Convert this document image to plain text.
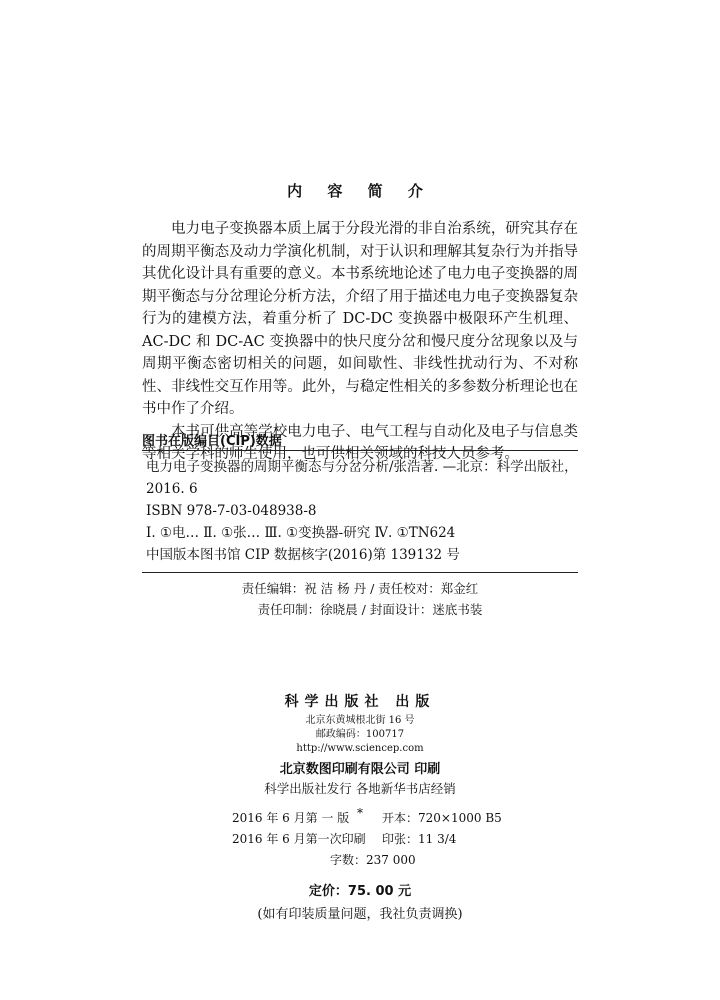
内 容 简 介

电力电子变换器本质上属于分段光滑的非自治系统，研究其存在的周期平衡态及动力学演化机制，对于认识和理解其复杂行为并指导其优化设计具有重要的意义。本书系统地论述了电力电子变换器的周期平衡态与分岔理论分析方法，介绍了用于描述电力电子变换器复杂行为的建模方法，着重分析了 DC-DC 变换器中极限环产生机理、AC-DC 和 DC-AC 变换器中的快尺度分岔和慢尺度分岔现象以及与周期平衡态密切相关的问题，如间歇性、非线性扰动行为、不对称性、非线性交互作用等。此外，与稳定性相关的多参数分析理论也在书中作了介绍。

本书可供高等学校电力电子、电气工程与自动化及电子与信息类等相关学科的师生使用，也可供相关领域的科技人员参考。

图书在版编目(CIP)数据
电力电子变换器的周期平衡态与分岔分析/张浩著. —北京：科学出版社，
2016. 6
ISBN 978-7-03-048938-8
Ⅰ. ①电… Ⅱ. ①张… Ⅲ. ①变换器-研究 Ⅳ. ①TN624
中国版本图书馆 CIP 数据核字(2016)第 139132 号
责任编辑：祝 洁 杨 丹 / 责任校对：郑金红
责任印制：徐晓晨 / 封面设计：迷底书装
科学出版社 出版
北京东黄城根北街 16 号
邮政编码：100717
http://www.sciencep.com
北京数图印刷有限公司 印刷
科学出版社发行 各地新华书店经销
*
2016 年 6 月第 一 版	开本：720×1000 B5
2016 年 6 月第一次印刷 印张：11 3/4
字数：237 000
定价：75. 00 元
(如有印装质量问题，我社负责调换)
